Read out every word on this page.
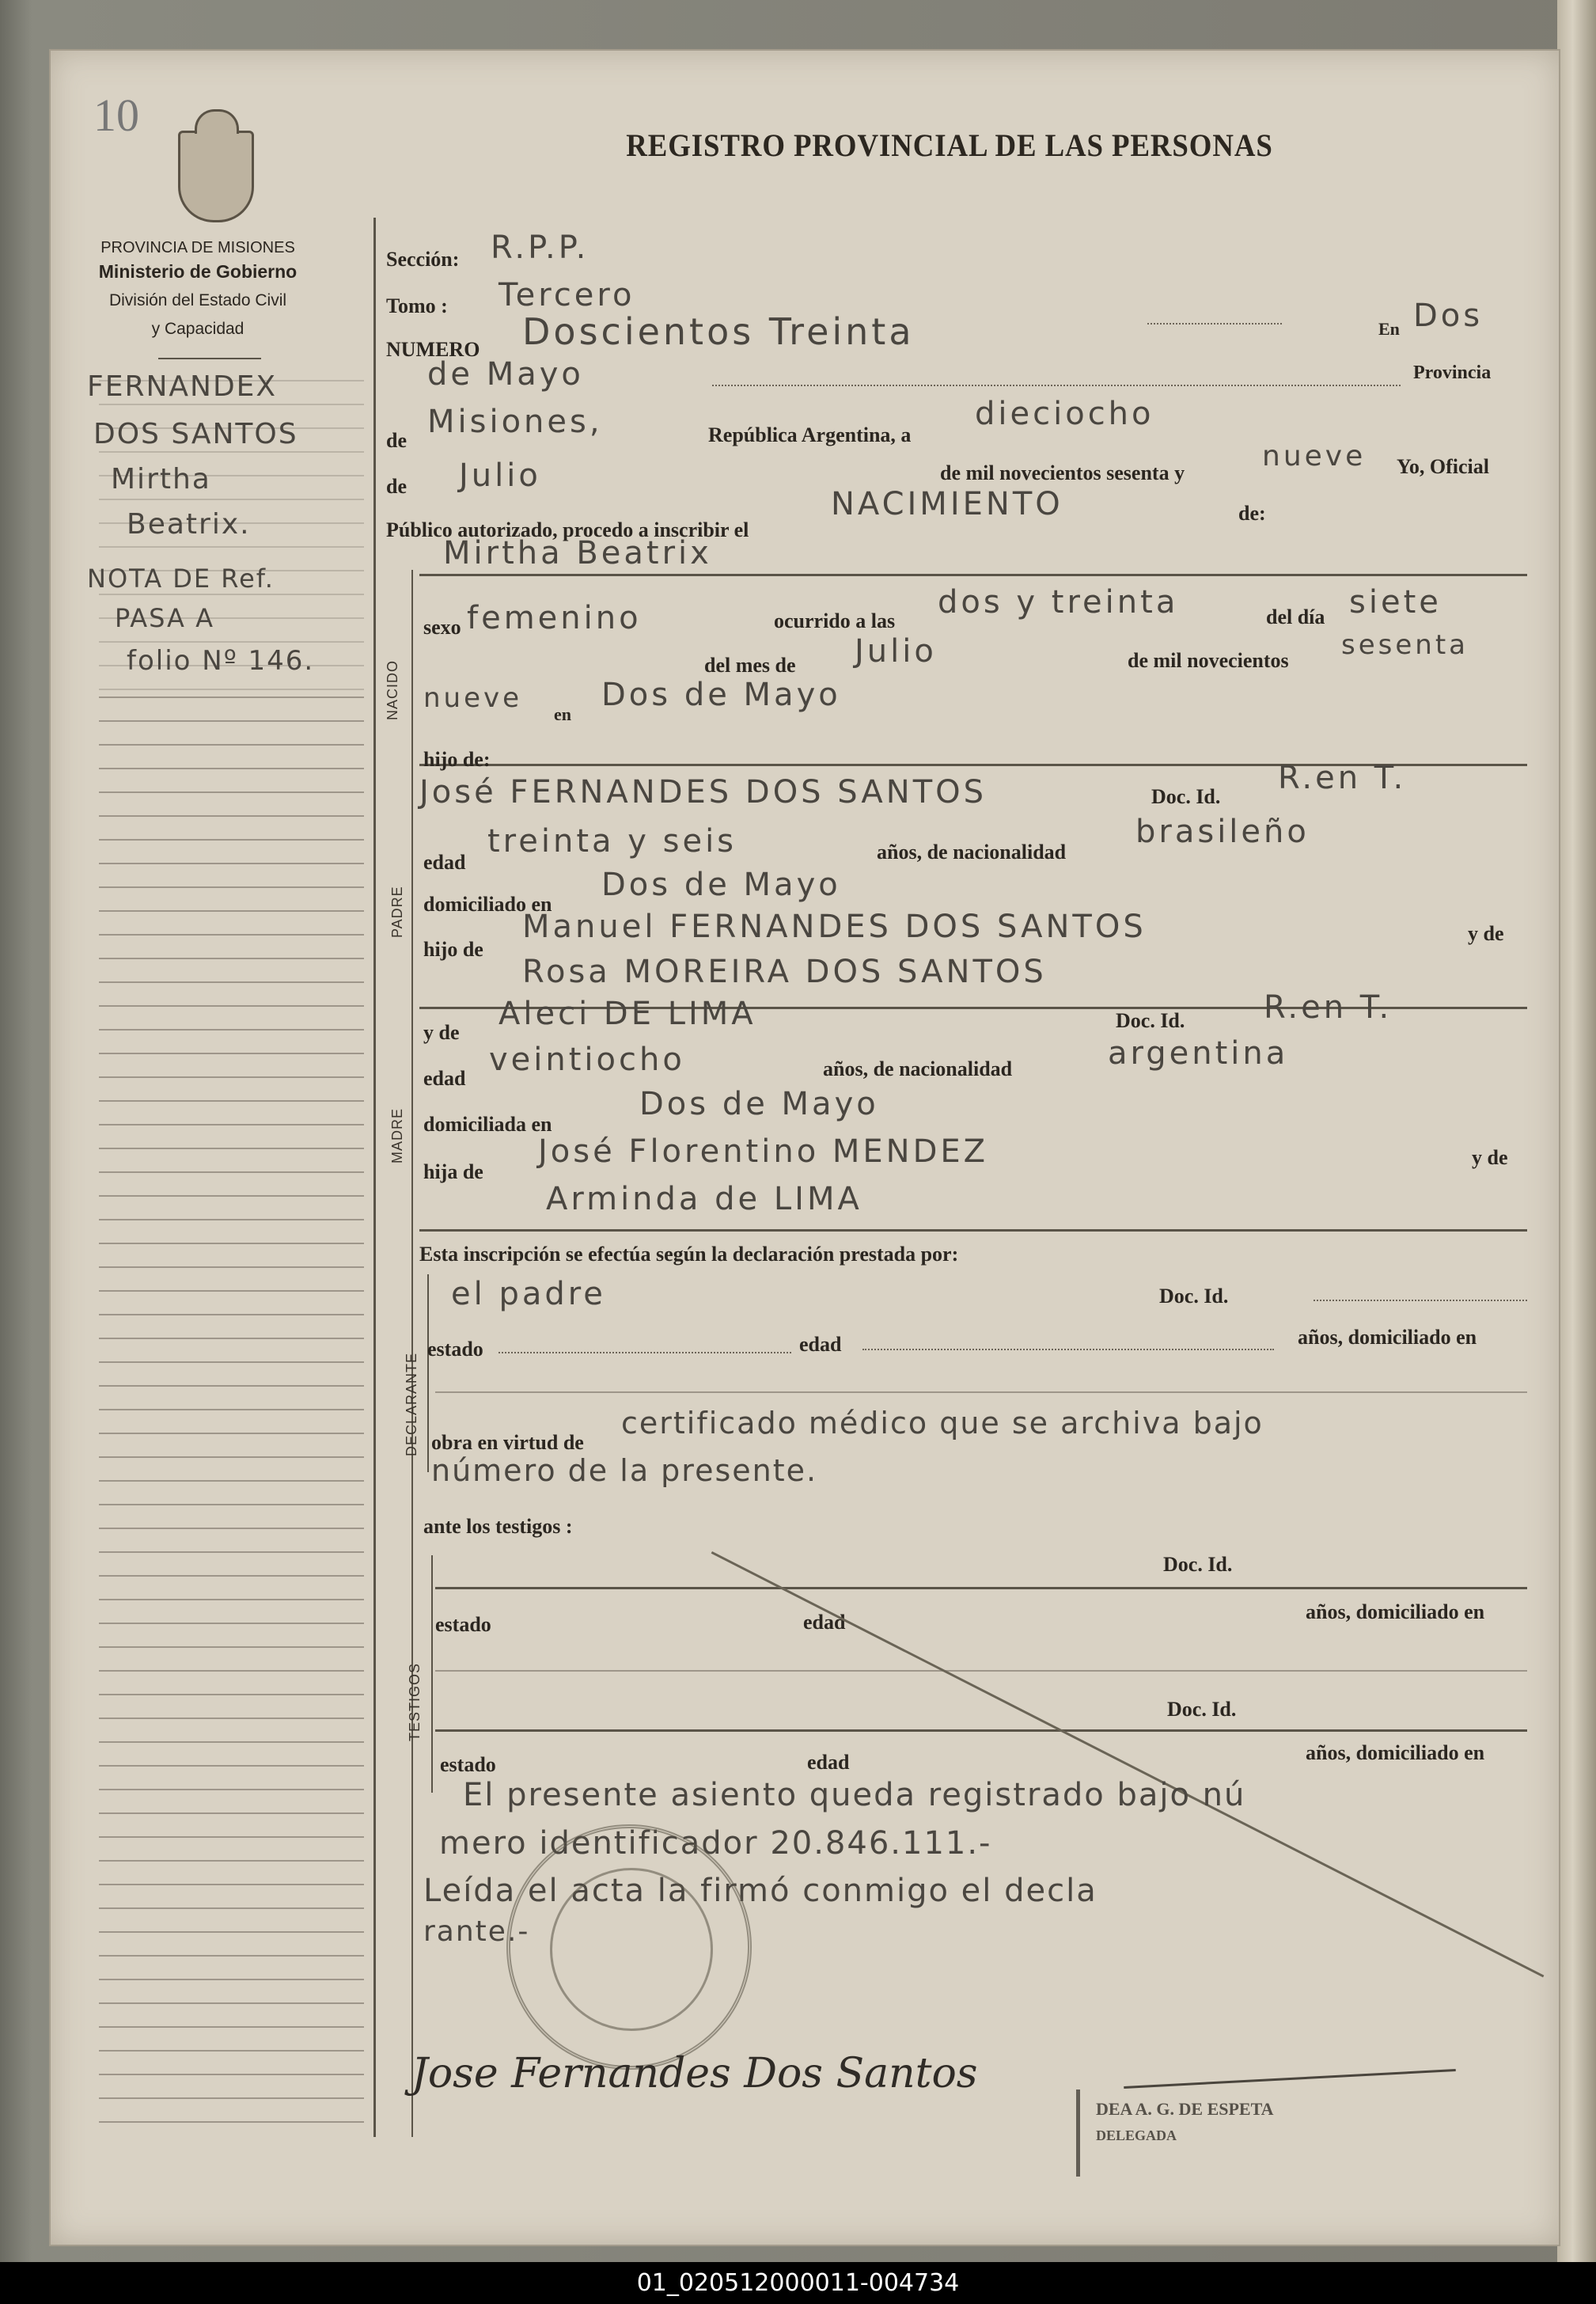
10
REGISTRO PROVINCIAL DE LAS PERSONAS
PROVINCIA DE MISIONES
Ministerio de Gobierno
División del Estado Civil
y Capacidad
FERNANDEX
DOS SANTOS
Mirtha
Beatrix.
NOTA DE Ref.
PASA A
folio Nº 146.
Sección: R.P.P.
Tomo : Tercero
NUMERO Doscientos Treinta	En Dos
de Mayo	Provincia
de
Misiones,	República Argentina, a
dieciocho
de Julio	de mil novecientos sesenta y
nueve Yo, Oficial
Público autorizado, procedo a inscribir el
NACIMIENTO	de:
Mirtha Beatrix
NACIDO
sexo femenino	ocurrido a las
dos y treinta	del día siete
del mes de Julio	de mil novecientos sesenta
nueve
en
Dos de Mayo
hijo de:
PADRE
José FERNANDES DOS SANTOS	Doc. Id.
R.en T.
edad
treinta y seis	años, de nacionalidad
brasileño
domiciliado en
Dos de Mayo
hijo de
Manuel FERNANDES DOS SANTOS	y de
Rosa MOREIRA DOS SANTOS
MADRE
y de
Aleci DE LIMA	Doc. Id. R.en T.
edad
veintiocho	años, de nacionalidad	argentina
domiciliada en
Dos de Mayo
hija de
José Florentino MENDEZ	y de
Arminda de LIMA
Esta inscripción se efectúa según la declaración prestada por:
DECLARANTE
el padre	Doc. Id.
estado	edad	años, domiciliado en
obra en virtud de
certificado médico que se archiva bajo
número de la presente.
ante los testigos :
TESTIGOS
Doc. Id.
estado	edad	años, domiciliado en
Doc. Id.
estado	edad	años, domiciliado en
El presente asiento queda registrado bajo nú
mero identificador 20.846.111.-
Leída el acta la firmó conmigo el decla
rante.-
Jose Fernandes Dos Santos
DEA A. G. DE ESPETA
DELEGADA
01_020512000011-004734
